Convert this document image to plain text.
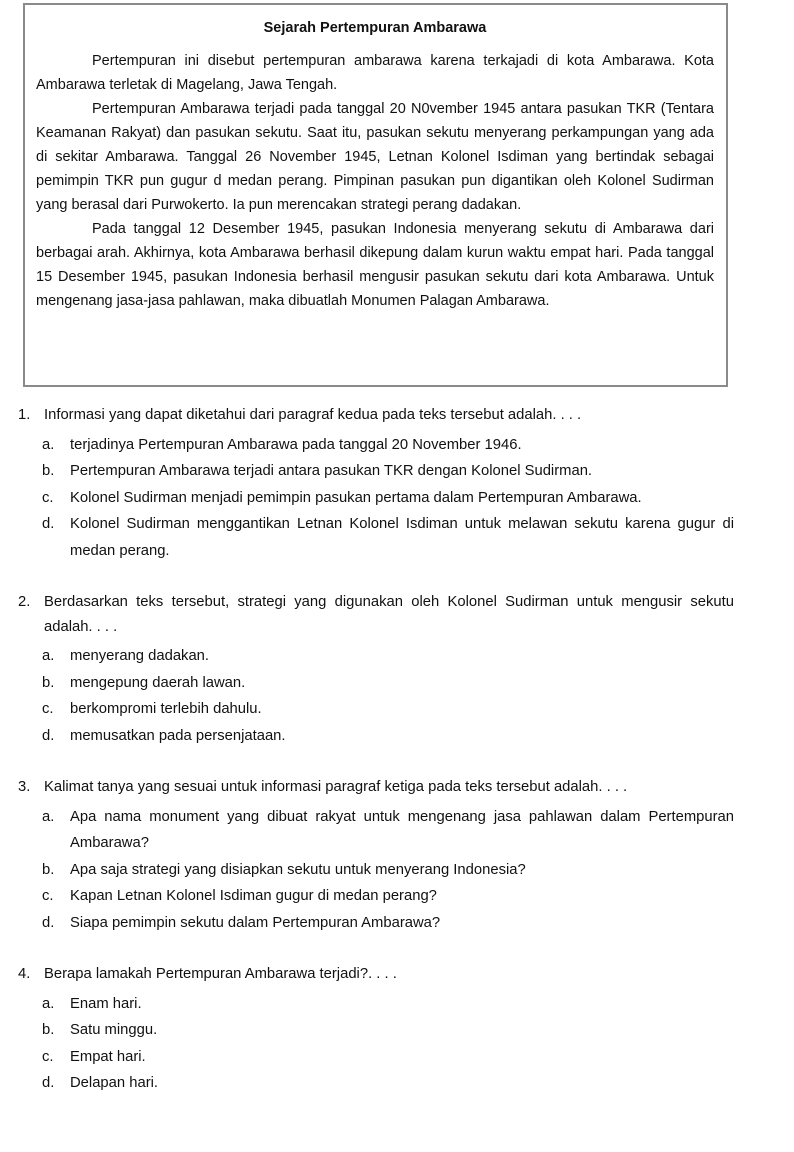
Sejarah Pertempuran Ambarawa

Pertempuran ini disebut pertempuran ambarawa karena terkajadi di kota Ambarawa. Kota Ambarawa terletak di Magelang, Jawa Tengah.

Pertempuran Ambarawa terjadi pada tanggal 20 N0vember 1945 antara pasukan TKR (Tentara Keamanan Rakyat) dan pasukan sekutu. Saat itu, pasukan sekutu menyerang perkampungan yang ada di sekitar Ambarawa. Tanggal 26 November 1945, Letnan Kolonel Isdiman yang bertindak sebagai pemimpin TKR pun gugur d medan perang. Pimpinan pasukan pun digantikan oleh Kolonel Sudirman yang berasal dari Purwokerto. Ia pun merencakan strategi perang dadakan.

Pada tanggal 12 Desember 1945, pasukan Indonesia menyerang sekutu di Ambarawa dari berbagai arah. Akhirnya, kota Ambarawa berhasil dikepung dalam kurun waktu empat hari. Pada tanggal 15 Desember 1945, pasukan Indonesia berhasil mengusir pasukan sekutu dari kota Ambarawa. Untuk mengenang jasa-jasa pahlawan, maka dibuatlah Monumen Palagan Ambarawa.

1. Informasi yang dapat diketahui dari paragraf kedua pada teks tersebut adalah. . . .
a.	terjadinya Pertempuran Ambarawa pada tanggal 20 November 1946.
b.	Pertempuran Ambarawa terjadi antara pasukan TKR dengan Kolonel Sudirman.
c.	Kolonel Sudirman menjadi pemimpin pasukan pertama dalam Pertempuran Ambarawa.
d.	Kolonel Sudirman menggantikan Letnan Kolonel Isdiman untuk melawan sekutu karena gugur di medan perang.
2. Berdasarkan teks tersebut, strategi yang digunakan oleh Kolonel Sudirman untuk mengusir sekutu adalah. . . .
a.	menyerang dadakan.
b.	mengepung daerah lawan.
c.	berkompromi terlebih dahulu.
d.	memusatkan pada persenjataan.
3. Kalimat tanya yang sesuai untuk informasi paragraf ketiga pada teks tersebut adalah. . . .
a.	Apa nama monument yang dibuat rakyat untuk mengenang jasa pahlawan dalam Pertempuran Ambarawa?
b.	Apa saja strategi yang disiapkan sekutu untuk menyerang Indonesia?
c.	Kapan Letnan Kolonel Isdiman gugur di medan perang?
d.	Siapa pemimpin sekutu dalam Pertempuran Ambarawa?
4. Berapa lamakah Pertempuran Ambarawa terjadi?. . . .
a.	Enam hari.
b.	Satu minggu.
c.	Empat hari.
d.	Delapan hari.
